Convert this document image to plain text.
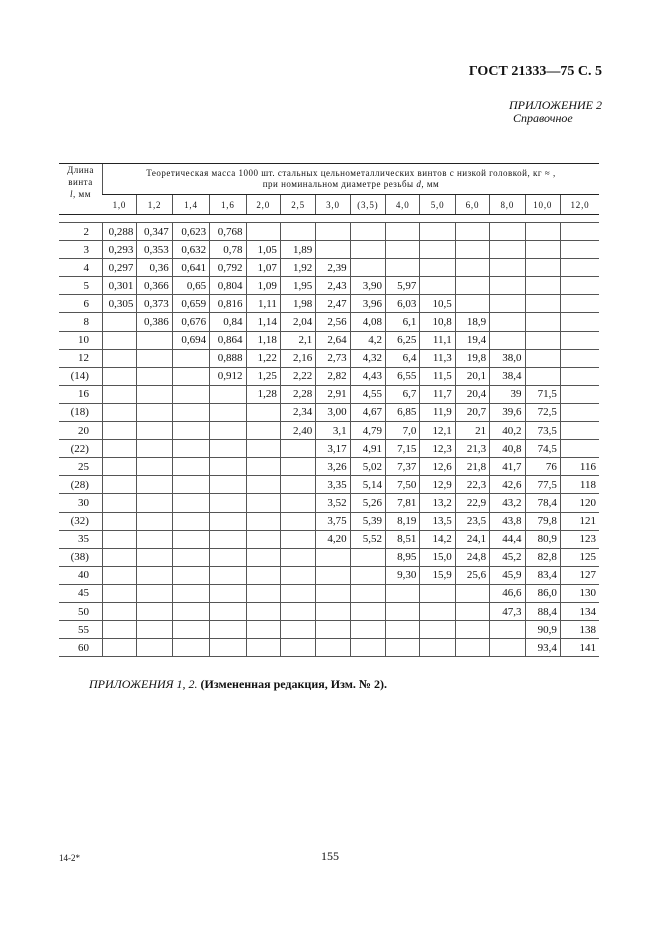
ГОСТ 21333—75 С. 5
ПРИЛОЖЕНИЕ 2
Справочное
Длина
винта
l, мм	Теоретическая масса 1000 шт. стальных цельнометаллических винтов с низкой головкой, кг ≈ ,
при номинальном диаметре резьбы d, мм													
	1,0	1,2	1,4	1,6	2,0	2,5	3,0	(3,5)	4,0	5,0	6,0	8,0	10,0	12,0

2	0,288	0,347	0,623	0,768										
3	0,293	0,353	0,632	0,78	1,05	1,89								
4	0,297	0,36	0,641	0,792	1,07	1,92	2,39							
5	0,301	0,366	0,65	0,804	1,09	1,95	2,43	3,90	5,97					
6	0,305	0,373	0,659	0,816	1,11	1,98	2,47	3,96	6,03	10,5				
8		0,386	0,676	0,84	1,14	2,04	2,56	4,08	6,1	10,8	18,9			
10			0,694	0,864	1,18	2,1	2,64	4,2	6,25	11,1	19,4			
12				0,888	1,22	2,16	2,73	4,32	6,4	11,3	19,8	38,0		
(14)				0,912	1,25	2,22	2,82	4,43	6,55	11,5	20,1	38,4		
16					1,28	2,28	2,91	4,55	6,7	11,7	20,4	39	71,5	
(18)						2,34	3,00	4,67	6,85	11,9	20,7	39,6	72,5	
20						2,40	3,1	4,79	7,0	12,1	21	40,2	73,5	
(22)							3,17	4,91	7,15	12,3	21,3	40,8	74,5	
25							3,26	5,02	7,37	12,6	21,8	41,7	76	116
(28)							3,35	5,14	7,50	12,9	22,3	42,6	77,5	118
30							3,52	5,26	7,81	13,2	22,9	43,2	78,4	120
(32)							3,75	5,39	8,19	13,5	23,5	43,8	79,8	121
35							4,20	5,52	8,51	14,2	24,1	44,4	80,9	123
(38)									8,95	15,0	24,8	45,2	82,8	125
40									9,30	15,9	25,6	45,9	83,4	127
45												46,6	86,0	130
50												47,3	88,4	134
55													90,9	138
60													93,4	141
ПРИЛОЖЕНИЯ 1, 2. (Измененная редакция, Изм. № 2).
14-2*	155
